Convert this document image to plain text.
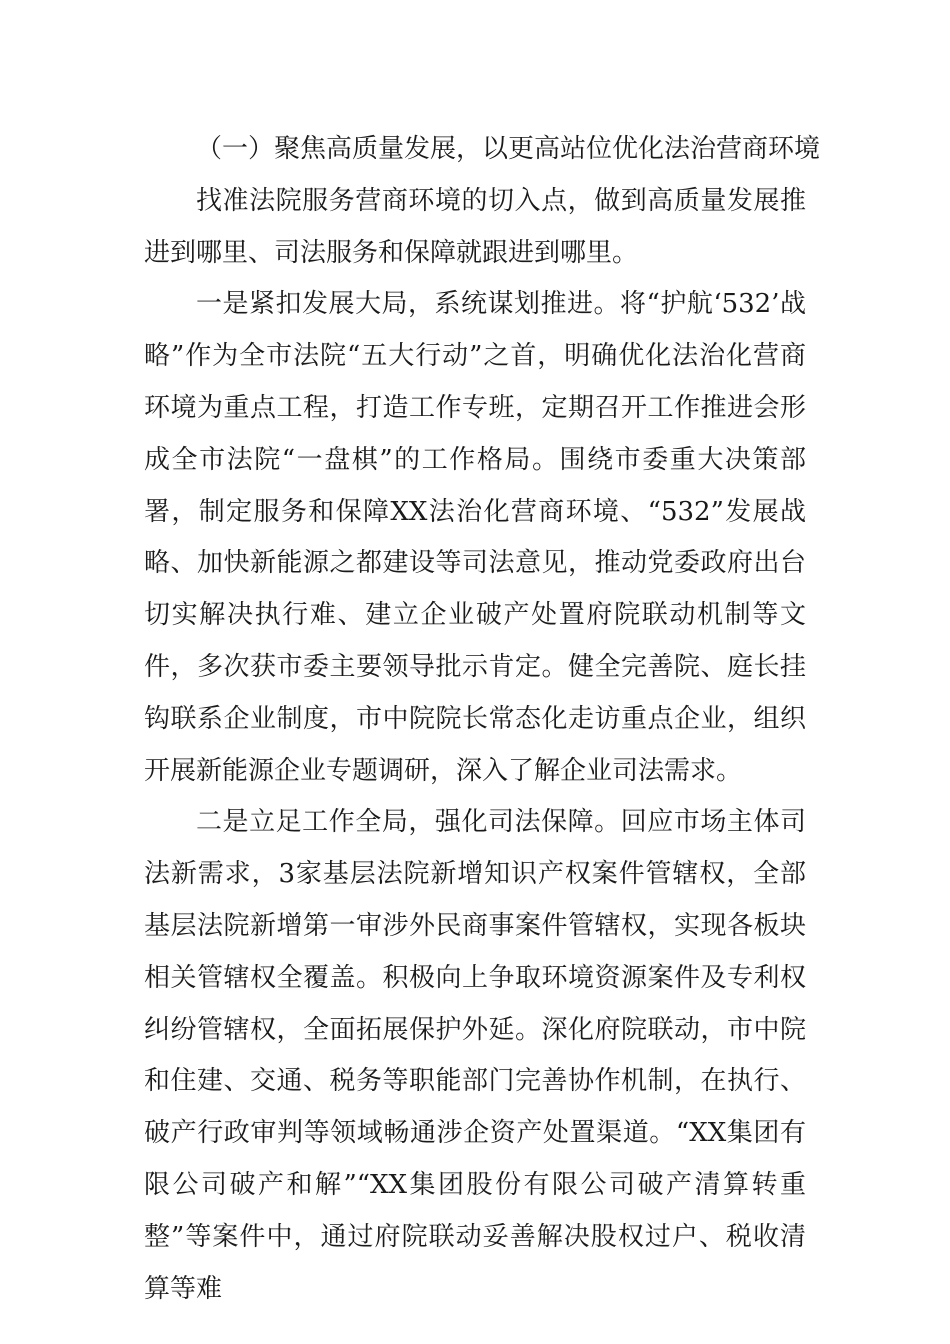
（一）聚焦高质量发展，以更高站位优化法治营商环境

找准法院服务营商环境的切入点，做到高质量发展推进到哪里、司法服务和保障就跟进到哪里。

一是紧扣发展大局，系统谋划推进。将“护航‘532’战略”作为全市法院“五大行动”之首，明确优化法治化营商环境为重点工程，打造工作专班，定期召开工作推进会形成全市法院“一盘棋”的工作格局。围绕市委重大决策部署，制定服务和保障XX法治化营商环境、“532”发展战略、加快新能源之都建设等司法意见，推动党委政府出台切实解决执行难、建立企业破产处置府院联动机制等文件，多次获市委主要领导批示肯定。健全完善院、庭长挂钩联系企业制度，市中院院长常态化走访重点企业，组织开展新能源企业专题调研，深入了解企业司法需求。

二是立足工作全局，强化司法保障。回应市场主体司法新需求，3家基层法院新增知识产权案件管辖权，全部基层法院新增第一审涉外民商事案件管辖权，实现各板块相关管辖权全覆盖。积极向上争取环境资源案件及专利权纠纷管辖权，全面拓展保护外延。深化府院联动，市中院和住建、交通、税务等职能部门完善协作机制，在执行、破产行政审判等领域畅通涉企资产处置渠道。“XX集团有限公司破产和解”“XX集团股份有限公司破产清算转重整”等案件中，通过府院联动妥善解决股权过户、税收清算等难
